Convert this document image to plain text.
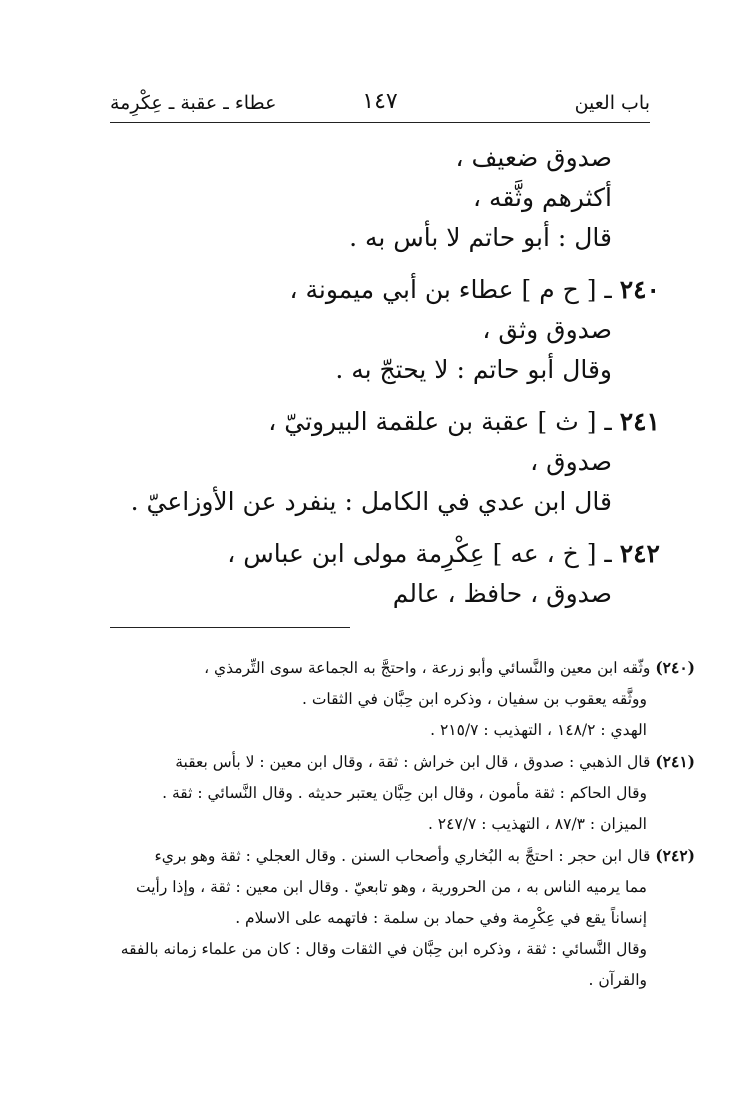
باب العين
١٤٧
عطاء ـ عقبة ـ عِكْرِمة
صدوق ضعيف ،
أكثرهم وثَّقه ،
قال : أبو حاتم لا بأس به .
٢٤٠ ـ [ ح م ] عطاء بن أبي ميمونة ،
صدوق وثق ،
وقال أبو حاتم : لا يحتجّ به .
٢٤١ ـ [ ث ] عقبة بن علقمة البيروتيّ ،
صدوق ،
قال ابن عدي في الكامل : ينفرد عن الأوزاعيّ .
٢٤٢ ـ [ خ ، عه ] عِكْرِمة مولى ابن عباس ،
صدوق ، حافظ ، عالم
(٢٤٠) وثّقه ابن معين والنَّسائي وأبو زرعة ، واحتجَّ به الجماعة سوى التِّرمذي ،
ووثَّقه يعقوب بن سفيان ، وذكره ابن حِبَّان في الثقات .
الهدي : ١٤٨/٢ ، التهذيب : ٢١٥/٧ .
(٢٤١) قال الذهبي : صدوق ، قال ابن خراش : ثقة ، وقال ابن معين : لا بأس بعقبة
وقال الحاكم : ثقة مأمون ، وقال ابن حِبَّان يعتبر حديثه . وقال النَّسائي : ثقة .
الميزان : ٨٧/٣ ، التهذيب : ٢٤٧/٧ .
(٢٤٢) قال ابن حجر : احتجَّ به البُخاري وأصحاب السنن . وقال العجلي : ثقة وهو بريء
مما يرميه الناس به ، من الحرورية ، وهو تابعيّ . وقال ابن معين : ثقة ، وإذا رأيت
إنساناً يقع في عِكْرِمة وفي حماد بن سلمة : فاتهمه على الاسلام .
وقال النَّسائي : ثقة ، وذكره ابن حِبَّان في الثقات وقال : كان من علماء زمانه بالفقه
والقرآن .
